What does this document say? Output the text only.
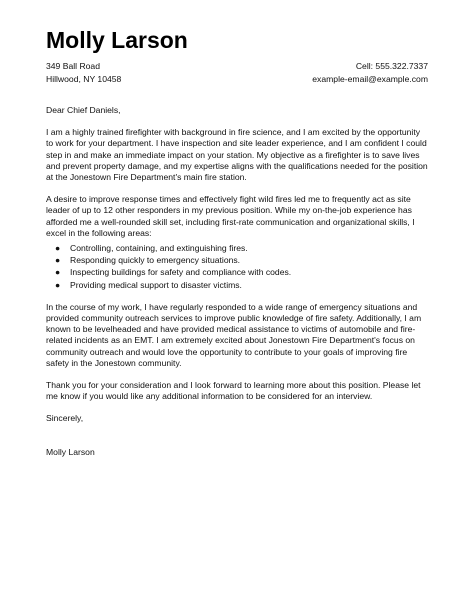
Molly Larson
349 Ball Road	Cell: 555.322.7337
Hillwood, NY 10458	example-email@example.com

Dear Chief Daniels,

I am a highly trained firefighter with background in fire science, and I am excited by the opportunity to work for your department. I have inspection and site leader experience, and I am confident I could step in and make an immediate impact on your station. My objective as a firefighter is to save lives and prevent property damage, and my expertise aligns with the qualifications needed for the position at the Jonestown Fire Department's main fire station.

A desire to improve response times and effectively fight wild fires led me to frequently act as site leader of up to 12 other responders in my previous position. While my on-the-job experience has afforded me a well-rounded skill set, including first-rate communication and organizational skills, I excel in the following areas:

● Controlling, containing, and extinguishing fires.
● Responding quickly to emergency situations.
● Inspecting buildings for safety and compliance with codes.
● Providing medical support to disaster victims.

In the course of my work, I have regularly responded to a wide range of emergency situations and provided community outreach services to improve public knowledge of fire safety. Additionally, I am known to be levelheaded and have provided medical assistance to victims of automobile and fire-related incidents as an EMT. I am extremely excited about Jonestown Fire Department's focus on community outreach and would love the opportunity to contribute to your goals of improving fire safety in the Jonestown community.

Thank you for your consideration and I look forward to learning more about this position. Please let me know if you would like any additional information to be considered for an interview.

Sincerely,

Molly Larson
